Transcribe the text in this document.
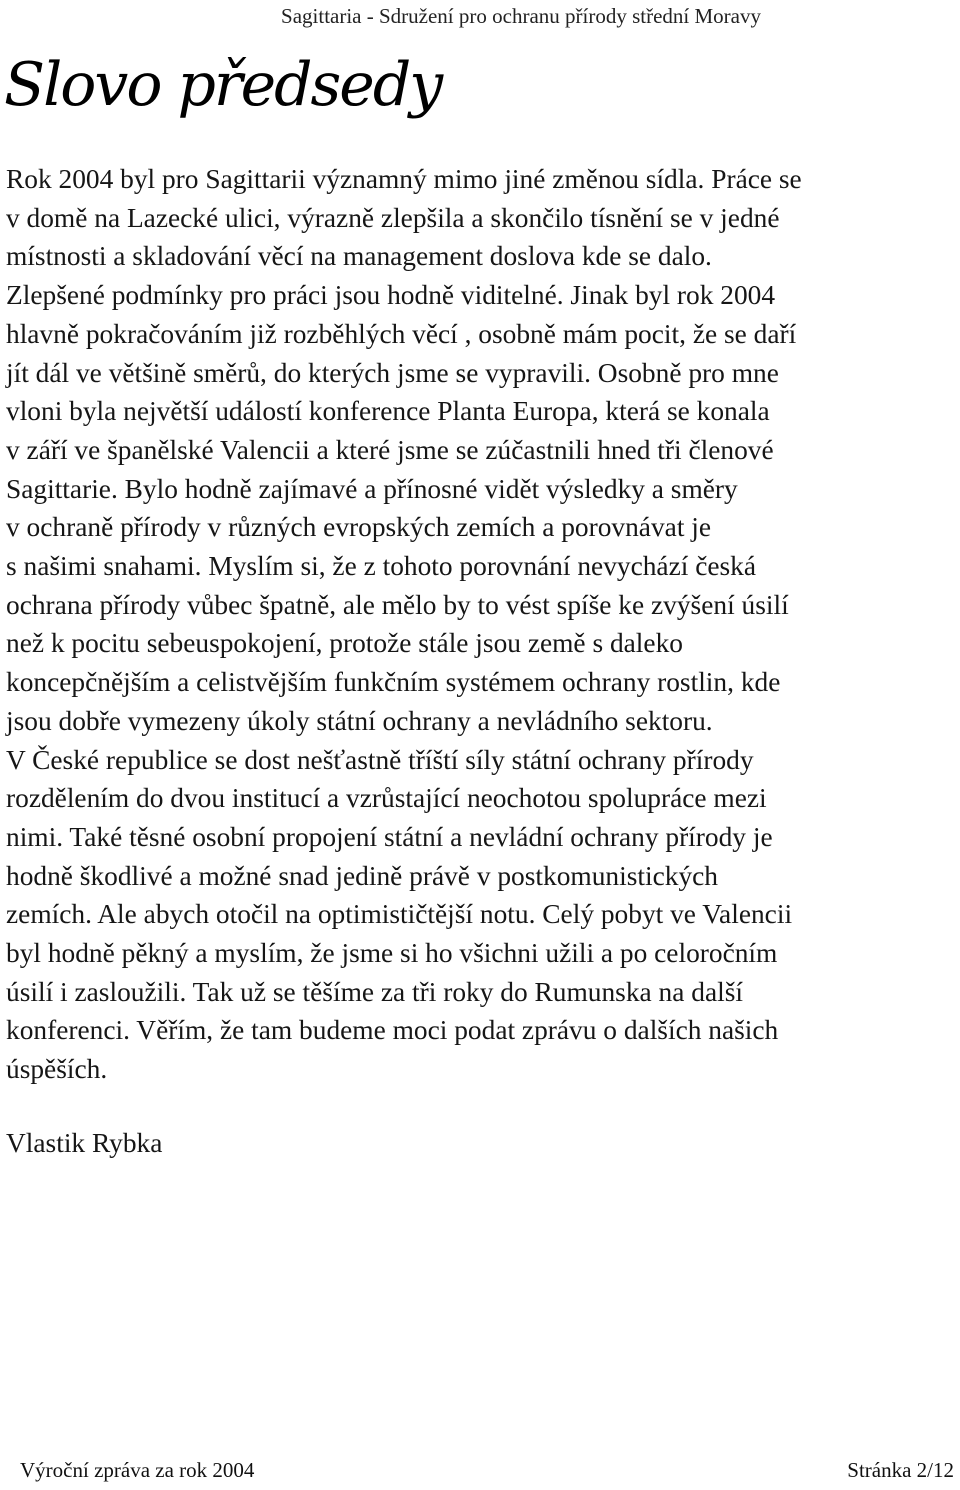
Sagittaria - Sdružení pro ochranu přírody střední Moravy
Slovo předsedy
Rok 2004 byl pro Sagittarii významný mimo jiné změnou sídla. Práce se
v domě na Lazecké ulici, výrazně zlepšila a skončilo tísnění se v jedné
místnosti a skladování věcí na management doslova kde se dalo.
Zlepšené podmínky pro práci jsou hodně viditelné. Jinak byl rok 2004
hlavně pokračováním již rozběhlých věcí , osobně mám pocit, že se daří
jít dál ve většině směrů, do kterých jsme se vypravili. Osobně pro mne
vloni byla největší událostí konference Planta Europa, která se konala
v září ve španělské Valencii a které jsme se zúčastnili hned tři členové
Sagittarie. Bylo hodně zajímavé a přínosné vidět výsledky a směry
v ochraně přírody v různých evropských zemích a porovnávat je
s našimi snahami. Myslím si, že z tohoto porovnání nevychází česká
ochrana přírody vůbec špatně, ale mělo by to vést spíše ke zvýšení úsilí
než k pocitu sebeuspokojení, protože stále jsou země s daleko
koncepčnějším a celistvějším funkčním systémem ochrany rostlin, kde
jsou dobře vymezeny úkoly státní ochrany a nevládního sektoru.
V České republice se dost nešťastně tříští síly státní ochrany přírody
rozdělením do dvou institucí a vzrůstající neochotou spolupráce mezi
nimi. Také těsné osobní propojení státní a nevládní ochrany přírody je
hodně škodlivé a možné snad jedině právě v postkomunistických
zemích. Ale abych otočil na optimističtější notu. Celý pobyt ve Valencii
byl hodně pěkný a myslím, že jsme si ho všichni užili a po celoročním
úsilí i zasloužili. Tak už se těšíme za tři roky do Rumunska na další
konferenci. Věřím, že tam budeme moci podat zprávu o dalších našich
úspěších.

Vlastik Rybka

Výroční zpráva za rok 2004	Stránka 2/12
